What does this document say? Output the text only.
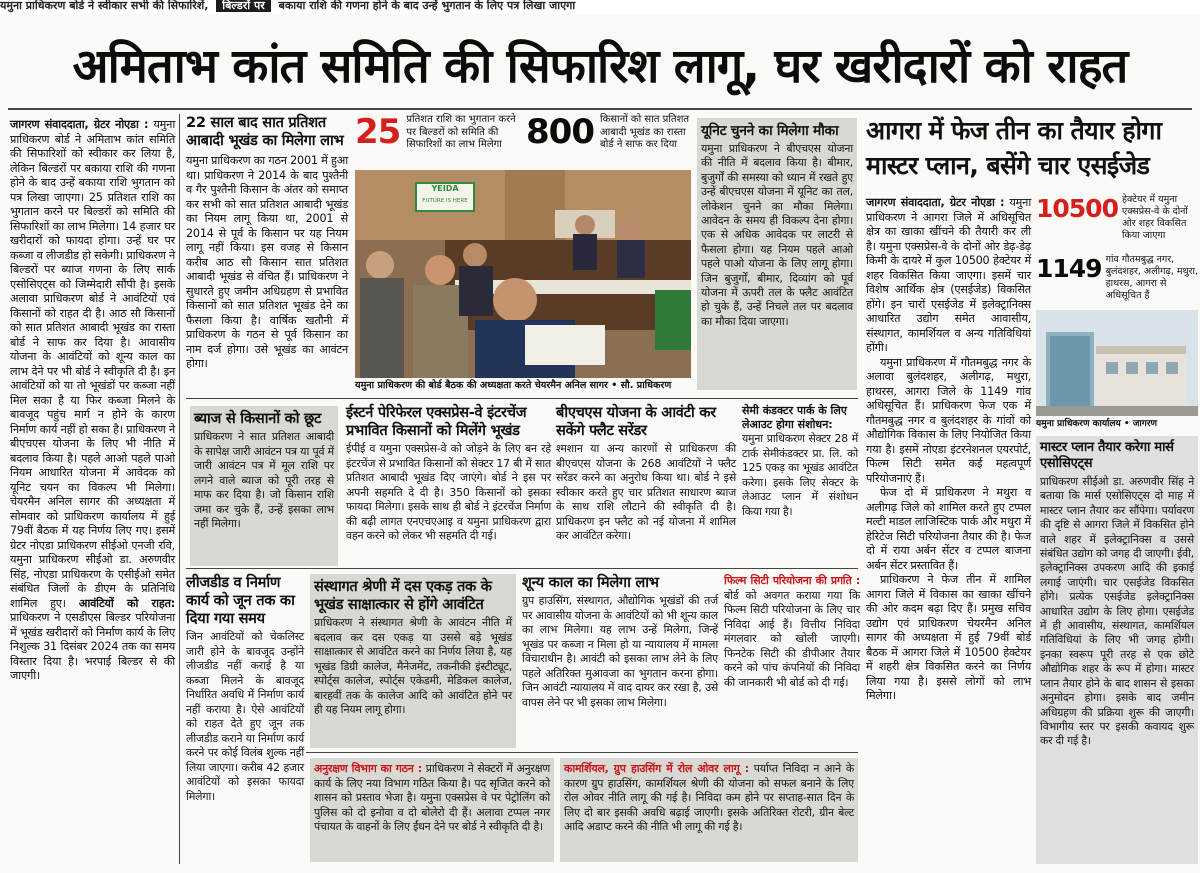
यमुना प्राधिकरण बोर्ड ने स्वीकार सभी की सिफारिशें, बिल्डरों पर बकाया राशि की गणना होने के बाद उन्हें भुगतान के लिए पत्र लिखा जाएगा
अमिताभ कांत समिति की सिफारिश लागू, घर खरीदारों को राहत
जागरण संवाददाता, ग्रेटर नोएडा : यमुना प्राधिकरण बोर्ड ने अमिताभ कांत समिति की सिफारिशों को स्वीकार कर लिया है, लेकिन बिल्डरों पर बकाया राशि की गणना होने के बाद उन्हें बकाया राशि भुगतान को पत्र लिखा जाएगा। 25 प्रतिशत राशि का भुगतान करने पर बिल्डरों को समिति की सिफारिशों का लाभ मिलेगा। 14 हजार घर खरीदारों को फायदा होगा। उन्हें घर पर कब्जा व लीजडीड हो सकेगी। प्राधिकरण ने बिल्डरों पर ब्याज गणना के लिए सार्क एसोसिएट्स को जिम्मेदारी सौंपी है। इसके अलावा प्राधिकरण बोर्ड ने आवंटियों एवं किसानों को राहत दी है। आठ सौ किसानों को सात प्रतिशत आबादी भूखंड का रास्ता बोर्ड ने साफ कर दिया है। आवासीय योजना के आवंटियों को शून्य काल का लाभ देने पर भी बोर्ड ने स्वीकृति दी है। इन आवंटियों को या तो भूखंडों पर कब्जा नहीं मिल सका है या फिर कब्जा मिलने के बावजूद पहुंच मार्ग न होने के कारण निर्माण कार्य नहीं हो सका है। प्राधिकरण ने बीएचएस योजना के लिए भी नीति में बदलाव किया है। पहले आओ पहले पाओ नियम आधारित योजना में आवेदक को यूनिट चयन का विकल्प भी मिलेगा। चेयरमैन अनिल सागर की अध्यक्षता में सोमवार को प्राधिकरण कार्यालय में हुई 79वीं बैठक में यह निर्णय लिए गए। इसमें ग्रेटर नोएडा प्राधिकरण सीईओ एनजी रवि, यमुना प्राधिकरण सीईओ डा. अरुणवीर सिंह, नोएडा प्राधिकरण के एसीईओ समेत संबंधित जिलों के डीएम के प्रतिनिधि शामिल हुए। आवंटियों को राहत: प्राधिकरण ने एसडीएस बिल्डर परियोजना में भूखंड खरीदारों को निर्माण कार्य के लिए निशुल्क 31 दिसंबर 2024 तक का समय विस्तार दिया है। भरपाई बिल्डर से की जाएगी।
22 साल बाद सात प्रतिशत आबादी भूखंड का मिलेगा लाभ
यमुना प्राधिकरण का गठन 2001 में हुआ था। प्राधिकरण ने 2014 के बाद पुश्तैनी व गैर पुश्तैनी किसान के अंतर को समाप्त कर सभी को सात प्रतिशत आबादी भूखंड का नियम लागू किया था, 2001 से 2014 से पूर्व के किसान पर यह नियम लागू नहीं किया। इस वजह से किसान करीब आठ सौ किसान सात प्रतिशत आबादी भूखंड से वंचित हैं। प्राधिकरण ने सुधारते हुए जमीन अधिग्रहण से प्रभावित किसानों को सात प्रतिशत भूखंड देने का फैसला किया है। वार्षिक खतौनी में प्राधिकरण के गठन से पूर्व किसान का नाम दर्ज होगा। उसे भूखंड का आवंटन होगा।
25 प्रतिशत राशि का भुगतान करने पर बिल्डरों को समिति की सिफारिशों का लाभ मिलेगा 800 किसानों को सात प्रतिशत आबादी भूखंड का रास्ता बोर्ड ने साफ कर दिया
YEIDA
FUTURE IS HERE
यमुना प्राधिकरण की बोर्ड बैठक की अध्यक्षता करते चेयरमैन अनिल सागर • सौ. प्राधिकरण
यूनिट चुनने का मिलेगा मौका
यमुना प्राधिकरण ने बीएचएस योजना की नीति में बदलाव किया है। बीमार, बुजुर्गों की समस्या को ध्यान में रखते हुए उन्हें बीएचएस योजना में यूनिट का तल, लोकेशन चुनने का मौका मिलेगा। आवेदन के समय ही विकल्प देना होगा। एक से अधिक आवेदक पर लाटरी से फैसला होगा। यह नियम पहले आओ पहले पाओ योजना के लिए लागू होगा। जिन बुजुर्गों, बीमार, दिव्यांग को पूर्व योजना में ऊपरी तल के फ्लैट आवंटित हो चुके हैं, उन्हें निचले तल पर बदलाव का मौका दिया जाएगा।
आगरा में फेज तीन का तैयार होगा
मास्टर प्लान, बसेंगे चार एसईजेड
जागरण संवाददाता, ग्रेटर नोएडा : यमुना प्राधिकरण ने आगरा जिले में अधिसूचित क्षेत्र का खाका खींचने की तैयारी कर ली है। यमुना एक्सप्रेस-वे के दोनों ओर डेढ़-डेढ़ किमी के दायरे में कुल 10500 हेक्टेयर में शहर विकसित किया जाएगा। इसमें चार विशेष आर्थिक क्षेत्र (एसईजेड) विकसित होंगे। इन चारों एसईजेड में इलेक्ट्रानिक्स आधारित उद्योग समेत आवासीय, संस्थागत, कामर्शियल व अन्य गतिविधियां होंगी।
यमुना प्राधिकरण में गौतमबुद्ध नगर के अलावा बुलंदशहर, अलीगढ़, मथुरा, हाथरस, आगरा जिले के 1149 गांव अधिसूचित हैं। प्राधिकरण फेज एक में गौतमबुद्ध नगर व बुलंदशहर के गांवों को औद्योगिक विकास के लिए नियोजित किया गया है। इसमें नोएडा इंटरनेशनल एयरपोर्ट, फिल्म सिटी समेत कई महत्वपूर्ण परियोजनाएं हैं।
फेज दो में प्राधिकरण ने मथुरा व अलीगढ़ जिले को शामिल करते हुए टप्पल मल्टी माडल लाजिस्टिक पार्क और मथुरा में हेरिटेज सिटी परियोजना तैयार की है। फेज दो में राया अर्बन सेंटर व टप्पल बाजना अर्बन सेंटर प्रस्तावित हैं।
प्राधिकरण ने फेज तीन में शामिल आगरा जिले में विकास का खाका खींचने की ओर कदम बढ़ा दिए हैं। प्रमुख सचिव उद्योग एवं प्राधिकरण चेयरमैन अनिल सागर की अध्यक्षता में हुई 79वीं बोर्ड बैठक में आगरा जिले में 10500 हेक्टेयर में शहरी क्षेत्र विकसित करने का निर्णय लिया गया है। इससे लोगों को लाभ मिलेगा।
10500 हेक्टेयर में यमुना एक्सप्रेस-वे के दोनों ओर शहर विकसित किया जाएगा
1149 गांव गौतमबुद्ध नगर, बुलंदशहर, अलीगढ़, मथुरा, हाथरस, आगरा से अधिसूचित हैं
यमुना प्राधिकरण कार्यालय • जागरण
मास्टर प्लान तैयार करेगा मार्स एसोसिएट्स
प्राधिकरण सीईओ डा. अरुणवीर सिंह ने बताया कि मार्स एसोसिएट्स दो माह में मास्टर प्लान तैयार कर सौंपेगा। पर्यावरण की दृष्टि से आगरा जिले में विकसित होने वाले शहर में इलेक्ट्रानिक्स व उससे संबंधित उद्योग को जगह दी जाएगी। ईवी, इलेक्ट्रानिक्स उपकरण आदि की इकाई लगाई जाएंगी। चार एसईजेड विकसित होंगे। प्रत्येक एसईजेड इलेक्ट्रानिक्स आधारित उद्योग के लिए होगा। एसईजेड में ही आवासीय, संस्थागत, कामर्शियल गतिविधियां के लिए भी जगह होगी। इनका स्वरूप पूरी तरह से एक छोटे औद्योगिक शहर के रूप में होगा। मास्टर प्लान तैयार होने के बाद शासन से इसका अनुमोदन होगा। इसके बाद जमीन अधिग्रहण की प्रक्रिया शुरू की जाएगी। विभागीय स्तर पर इसकी कवायद शुरू कर दी गई है।
ब्याज से किसानों को छूट
प्राधिकरण ने सात प्रतिशत आबादी के सापेक्ष जारी आवंटन पत्र या पूर्व में जारी आवंटन पत्र में मूल राशि पर लगने वाले ब्याज को पूरी तरह से माफ कर दिया है। जो किसान राशि जमा कर चुके हैं, उन्हें इसका लाभ नहीं मिलेगा।
ईस्टर्न पेरिफेरल एक्सप्रेस-वे इंटरचेंज प्रभावित किसानों को मिलेंगे भूखंड
ईपीई व यमुना एक्सप्रेस-वे को जोड़ने के लिए बन रहे इंटरचेंज से प्रभावित किसानों को सेक्टर 17 बी में सात प्रतिशत आबादी भूखंड दिए जाएंगे। बोर्ड ने इस पर अपनी सहमति दे दी है। 350 किसानों को इसका फायदा मिलेगा। इसके साथ ही बोर्ड ने इंटरचेंज निर्माण की बढ़ी लागत एनएचएआइ व यमुना प्राधिकरण द्वारा वहन करने को लेकर भी सहमति दी गई।
बीएचएस योजना के आवंटी कर सकेंगे फ्लैट सरेंडर
श्मशान या अन्य कारणों से प्राधिकरण की बीएचएस योजना के 268 आवंटियों ने फ्लैट सरेंडर करने का अनुरोध किया था। बोर्ड ने इसे स्वीकार करते हुए चार प्रतिशत साधारण ब्याज के साथ राशि लौटाने की स्वीकृति दी है। प्राधिकरण इन फ्लैट को नई योजना में शामिल कर आवंटित करेगा।
सेमी कंडक्टर पार्क के लिए लेआउट होगा संशोधन:
यमुना प्राधिकरण सेक्टर 28 में टार्क सेमीकंडक्टर प्रा. लि. को 125 एकड़ का भूखंड आवंटित करेगा। इसके लिए सेक्टर के लेआउट प्लान में संशोधन किया गया है।
लीजडीड व निर्माण कार्य को जून तक का दिया गया समय
जिन आवंटियों को चेकलिस्ट जारी होने के बावजूद उन्होंने लीजडीड नहीं कराई है या कब्जा मिलने के बावजूद निर्धारित अवधि में निर्माण कार्य नहीं कराया है। ऐसे आवंटियों को राहत देते हुए जून तक लीजडीड कराने या निर्माण कार्य करने पर कोई विलंब शुल्क नहीं लिया जाएगा। करीब 42 हजार आवंटियों को इसका फायदा मिलेगा।
संस्थागत श्रेणी में दस एकड़ तक के भूखंड साक्षात्कार से होंगे आवंटित
प्राधिकरण ने संस्थागत श्रेणी के आवंटन नीति में बदलाव कर दस एकड़ या उससे बड़े भूखंड साक्षात्कार से आवंटित करने का निर्णय लिया है, यह भूखंड डिग्री कालेज, मैनेजमेंट, तकनीकी इंस्टीट्यूट, स्पोर्ट्स कालेज, स्पोर्ट्स एकेडमी, मेडिकल कालेज, बारहवीं तक के कालेज आदि को आवंटित होने पर ही यह नियम लागू होगा।
शून्य काल का मिलेगा लाभ
ग्रुप हाउसिंग, संस्थागत, औद्योगिक भूखंडों की तर्ज पर आवासीय योजना के आवंटियों को भी शून्य काल का लाभ मिलेगा। यह लाभ उन्हें मिलेगा, जिन्हें भूखंड पर कब्जा न मिला हो या न्यायालय में मामला विचाराधीन है। आवंटी को इसका लाभ लेने के लिए पहले अतिरिक्त मुआवजा का भुगतान करना होगा। जिन आवंटी न्यायालय में वाद दायर कर रखा है, उसे वापस लेने पर भी इसका लाभ मिलेगा।
फिल्म सिटी परियोजना की प्रगति : बोर्ड को अवगत कराया गया कि फिल्म सिटी परियोजना के लिए चार निविदा आई हैं। वित्तीय निविदा मंगलवार को खोली जाएगी। फिनटेक सिटी की डीपीआर तैयार करने को पांच कंपनियों की निविदा की जानकारी भी बोर्ड को दी गई।
अनुरक्षण विभाग का गठन : प्राधिकरण ने सेक्टरों में अनुरक्षण कार्य के लिए नया विभाग गठित किया है। पद सृजित करने को शासन को प्रस्ताव भेजा है। यमुना एक्सप्रेस वे पर पेट्रोलिंग को पुलिस को दो इनोवा व दो बोलेरो दी हैं। अलावा टप्पल नगर पंचायत के वाहनों के लिए ईंधन देने पर बोर्ड ने स्वीकृति दी है।
कामर्शियल, ग्रुप हाउसिंग में रोल ओवर लागू : पर्याप्त निविदा न आने के कारण ग्रुप हाउसिंग, कामर्शियल श्रेणी की योजना को सफल बनाने के लिए रोल ओवर नीति लागू की गई है। निविदा कम होने पर सप्ताह-सात दिन के लिए दो बार इसकी अवधि बढ़ाई जाएगी। इसके अतिरिक्त रोटरी, ग्रीन बेल्ट आदि अडाप्ट करने की नीति भी लागू की गई है।
